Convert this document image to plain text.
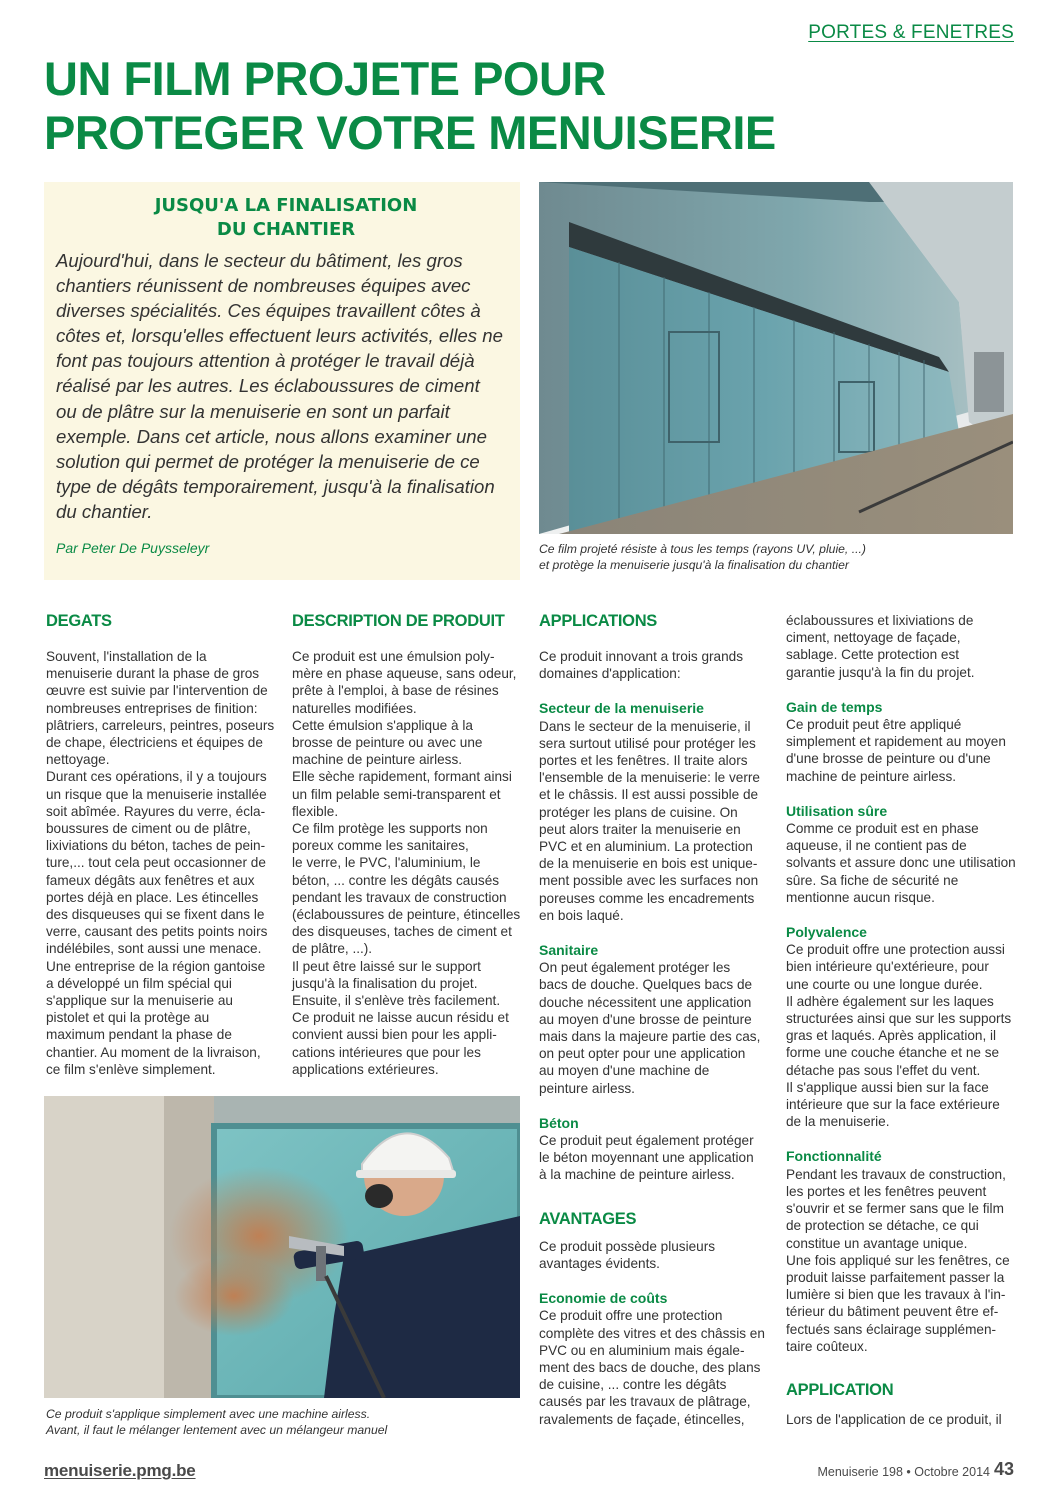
PORTES & FENETRES
UN FILM PROJETE POUR
PROTEGER VOTRE MENUISERIE
JUSQU'A LA FINALISATION
DU CHANTIER
Aujourd'hui, dans le secteur du bâtiment, les gros
chantiers réunissent de nombreuses équipes avec
diverses spécialités. Ces équipes travaillent côtes à
côtes et, lorsqu'elles effectuent leurs activités, elles ne
font pas toujours attention à protéger le travail déjà
réalisé par les autres. Les éclaboussures de ciment
ou de plâtre sur la menuiserie en sont un parfait
exemple. Dans cet article, nous allons examiner une
solution qui permet de protéger la menuiserie de ce
type de dégâts temporairement, jusqu'à la finalisation
du chantier.
Par Peter De Puysseleyr	Ce film projeté résiste à tous les temps (rayons UV, pluie, ...)
et protège la menuiserie jusqu'à la finalisation du chantier
DEGATS
Souvent, l'installation de la
menuiserie durant la phase de gros
œuvre est suivie par l'intervention de
nombreuses entreprises de finition:
plâtriers, carreleurs, peintres, poseurs
de chape, électriciens et équipes de
nettoyage.
Durant ces opérations, il y a toujours
un risque que la menuiserie installée
soit abîmée. Rayures du verre, écla-
boussures de ciment ou de plâtre,
lixiviations du béton, taches de pein-
ture,... tout cela peut occasionner de
fameux dégâts aux fenêtres et aux
portes déjà en place. Les étincelles
des disqueuses qui se fixent dans le
verre, causant des petits points noirs
indélébiles, sont aussi une menace.
Une entreprise de la région gantoise
a développé un film spécial qui
s'applique sur la menuiserie au
pistolet et qui la protège au
maximum pendant la phase de
chantier. Au moment de la livraison,
ce film s'enlève simplement.
DESCRIPTION DE PRODUIT
Ce produit est une émulsion poly-
mère en phase aqueuse, sans odeur,
prête à l'emploi, à base de résines
naturelles modifiées.
Cette émulsion s'applique à la
brosse de peinture ou avec une
machine de peinture airless.
Elle sèche rapidement, formant ainsi
un film pelable semi-transparent et
flexible.
Ce film protège les supports non
poreux comme les sanitaires,
le verre, le PVC, l'aluminium, le
béton, ... contre les dégâts causés
pendant les travaux de construction
(éclaboussures de peinture, étincelles
des disqueuses, taches de ciment et
de plâtre, ...).
Il peut être laissé sur le support
jusqu'à la finalisation du projet.
Ensuite, il s'enlève très facilement.
Ce produit ne laisse aucun résidu et
convient aussi bien pour les appli-
cations intérieures que pour les
applications extérieures.
APPLICATIONS
Ce produit innovant a trois grands
domaines d'application:
Secteur de la menuiserie
Dans le secteur de la menuiserie, il
sera surtout utilisé pour protéger les
portes et les fenêtres. Il traite alors
l'ensemble de la menuiserie: le verre
et le châssis. Il est aussi possible de
protéger les plans de cuisine. On
peut alors traiter la menuiserie en
PVC et en aluminium. La protection
de la menuiserie en bois est unique-
ment possible avec les surfaces non
poreuses comme les encadrements
en bois laqué.
Sanitaire
On peut également protéger les
bacs de douche. Quelques bacs de
douche nécessitent une application
au moyen d'une brosse de peinture
mais dans la majeure partie des cas,
on peut opter pour une application
au moyen d'une machine de
peinture airless.
Béton
Ce produit peut également protéger
le béton moyennant une application
à la machine de peinture airless.
AVANTAGES
Ce produit possède plusieurs
avantages évidents.
Economie de coûts
Ce produit offre une protection
complète des vitres et des châssis en
PVC ou en aluminium mais égale-
ment des bacs de douche, des plans
de cuisine, ... contre les dégâts
causés par les travaux de plâtrage,
ravalements de façade, étincelles,
éclaboussures et lixiviations de
ciment, nettoyage de façade,
sablage. Cette protection est
garantie jusqu'à la fin du projet.
Gain de temps
Ce produit peut être appliqué
simplement et rapidement au moyen
d'une brosse de peinture ou d'une
machine de peinture airless.
Utilisation sûre
Comme ce produit est en phase
aqueuse, il ne contient pas de
solvants et assure donc une utilisation
sûre. Sa fiche de sécurité ne
mentionne aucun risque.
Polyvalence
Ce produit offre une protection aussi
bien intérieure qu'extérieure, pour
une courte ou une longue durée.
Il adhère également sur les laques
structurées ainsi que sur les supports
gras et laqués. Après application, il
forme une couche étanche et ne se
détache pas sous l'effet du vent.
Il s'applique aussi bien sur la face
intérieure que sur la face extérieure
de la menuiserie.
Fonctionnalité
Pendant les travaux de construction,
les portes et les fenêtres peuvent
s'ouvrir et se fermer sans que le film
de protection se détache, ce qui
constitue un avantage unique.
Une fois appliqué sur les fenêtres, ce
produit laisse parfaitement passer la
lumière si bien que les travaux à l'in-
térieur du bâtiment peuvent être ef-
fectués sans éclairage supplémen-
taire coûteux.
APPLICATION
Lors de l'application de ce produit, il
Ce produit s'applique simplement avec une machine airless.
Avant, il faut le mélanger lentement avec un mélangeur manuel
menuiserie.pmg.be	Menuiserie 198 • Octobre 2014 43
